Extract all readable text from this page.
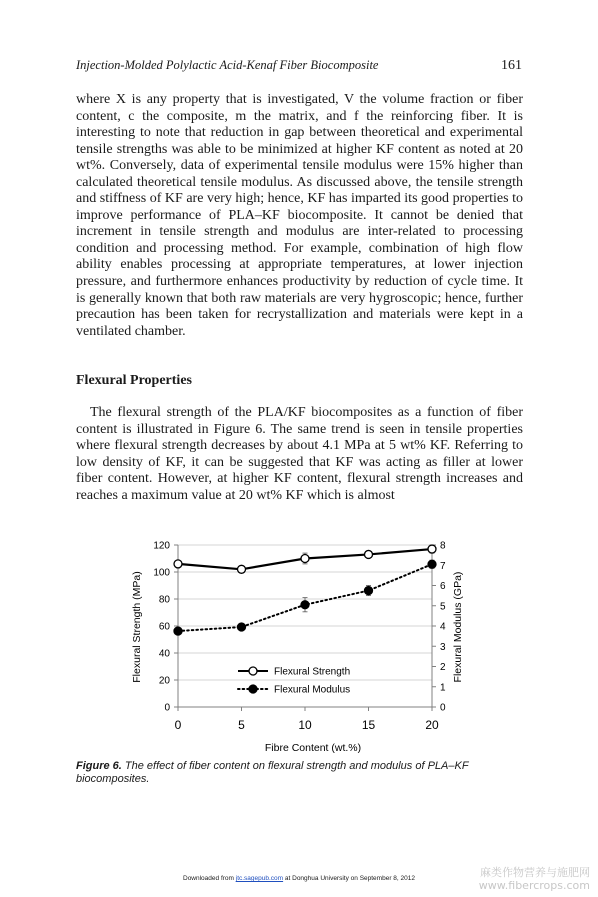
Injection-Molded Polylactic Acid-Kenaf Fiber Biocomposite	161

where X is any property that is investigated, V the volume fraction or fiber content, c the composite, m the matrix, and f the reinforcing fiber. It is interesting to note that reduction in gap between theoretical and experimental tensile strengths was able to be minimized at higher KF content as noted at 20 wt%. Conversely, data of experimental tensile modulus were 15% higher than calculated theoretical tensile modulus. As discussed above, the tensile strength and stiffness of KF are very high; hence, KF has imparted its good properties to improve performance of PLA–KF biocomposite. It cannot be denied that increment in tensile strength and modulus are inter-related to processing condition and processing method. For example, combination of high flow ability enables processing at appropriate temperatures, at lower injection pressure, and furthermore enhances productivity by reduction of cycle time. It is generally known that both raw materials are very hygroscopic; hence, further precaution has been taken for recrystallization and materials were kept in a ventilated chamber.

Flexural Properties

The flexural strength of the PLA/KF biocomposites as a function of fiber content is illustrated in Figure 6. The same trend is seen in tensile properties where flexural strength decreases by about 4.1 MPa at 5 wt% KF. Referring to low density of KF, it can be suggested that KF was acting as filler at lower fiber content. However, at higher KF content, flexural strength increases and reaches a maximum value at 20 wt% KF which is almost

0
20
40
60
80
100
120
0
1
2
3
4
5
6
7
8
0	5	10	15	20
Flexural Strength
Flexural Modulus
Fibre Content (wt.%)
Flexural Strength (MPa)	Flexural Modulus (GPa)

Figure 6. The effect of fiber content on flexural strength and modulus of PLA–KF biocomposites.

Downloaded from jtc.sagepub.com at Donghua University on September 8, 2012	麻类作物营养与施肥网
www.fibercrops.com
